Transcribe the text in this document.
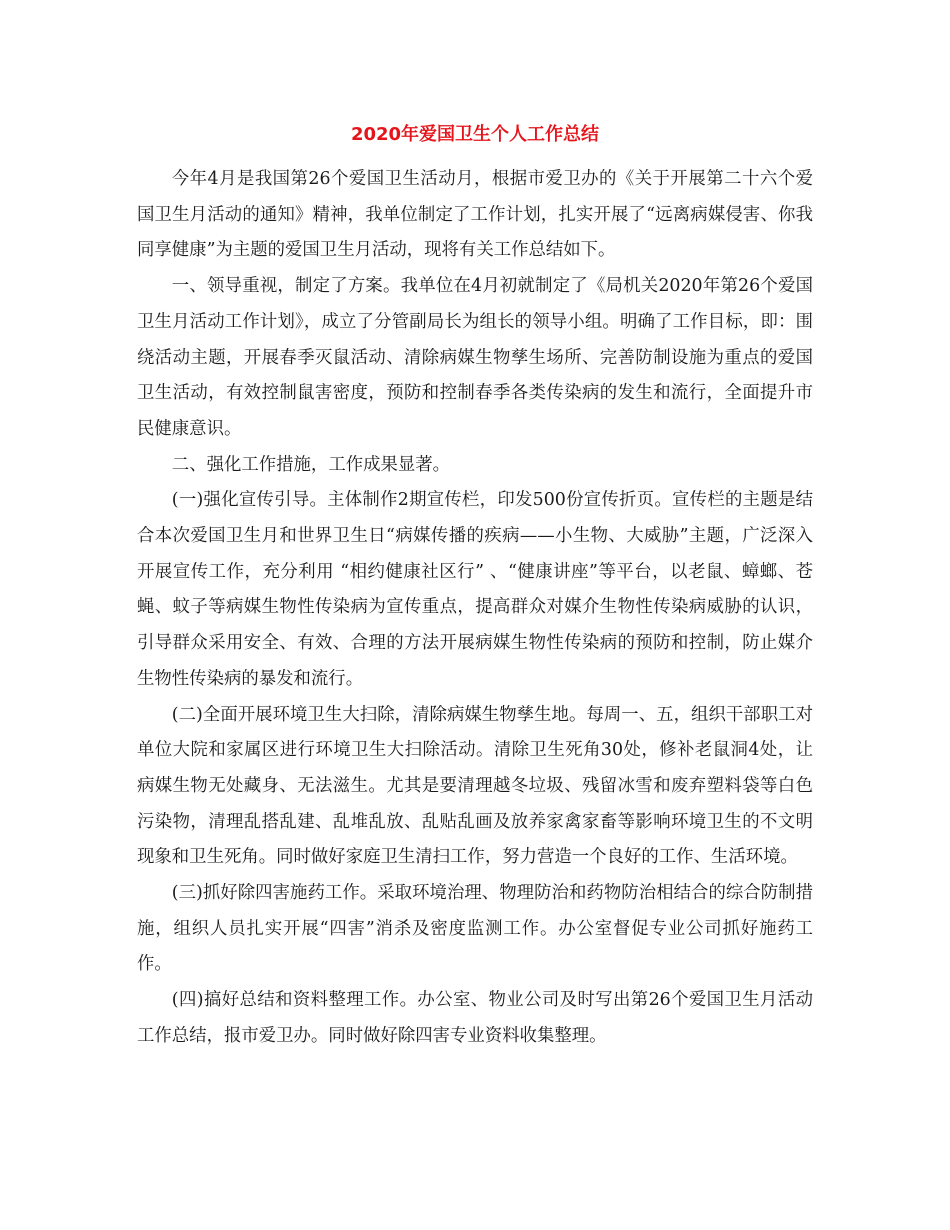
2020年爱国卫生个人工作总结

今年4月是我国第26个爱国卫生活动月，根据市爱卫办的《关于开展第二十六个爱国卫生月活动的通知》精神，我单位制定了工作计划，扎实开展了“远离病媒侵害、你我同享健康”为主题的爱国卫生月活动，现将有关工作总结如下。

一、领导重视，制定了方案。我单位在4月初就制定了《局机关2020年第26个爱国卫生月活动工作计划》，成立了分管副局长为组长的领导小组。明确了工作目标，即：围绕活动主题，开展春季灭鼠活动、清除病媒生物孳生场所、完善防制设施为重点的爱国卫生活动，有效控制鼠害密度，预防和控制春季各类传染病的发生和流行，全面提升市民健康意识。

二、强化工作措施，工作成果显著。

(一)强化宣传引导。主体制作2期宣传栏，印发500份宣传折页。宣传栏的主题是结合本次爱国卫生月和世界卫生日“病媒传播的疾病——小生物、大威胁”主题，广泛深入开展宣传工作，充分利用 “相约健康社区行” 、“健康讲座”等平台，以老鼠、蟑螂、苍蝇、蚊子等病媒生物性传染病为宣传重点，提高群众对媒介生物性传染病威胁的认识，引导群众采用安全、有效、合理的方法开展病媒生物性传染病的预防和控制，防止媒介生物性传染病的暴发和流行。

(二)全面开展环境卫生大扫除，清除病媒生物孳生地。每周一、五，组织干部职工对单位大院和家属区进行环境卫生大扫除活动。清除卫生死角30处，修补老鼠洞4处，让病媒生物无处藏身、无法滋生。尤其是要清理越冬垃圾、残留冰雪和废弃塑料袋等白色污染物，清理乱搭乱建、乱堆乱放、乱贴乱画及放养家禽家畜等影响环境卫生的不文明现象和卫生死角。同时做好家庭卫生清扫工作，努力营造一个良好的工作、生活环境。

(三)抓好除四害施药工作。采取环境治理、物理防治和药物防治相结合的综合防制措施，组织人员扎实开展“四害”消杀及密度监测工作。办公室督促专业公司抓好施药工作。

(四)搞好总结和资料整理工作。办公室、物业公司及时写出第26个爱国卫生月活动工作总结，报市爱卫办。同时做好除四害专业资料收集整理。
